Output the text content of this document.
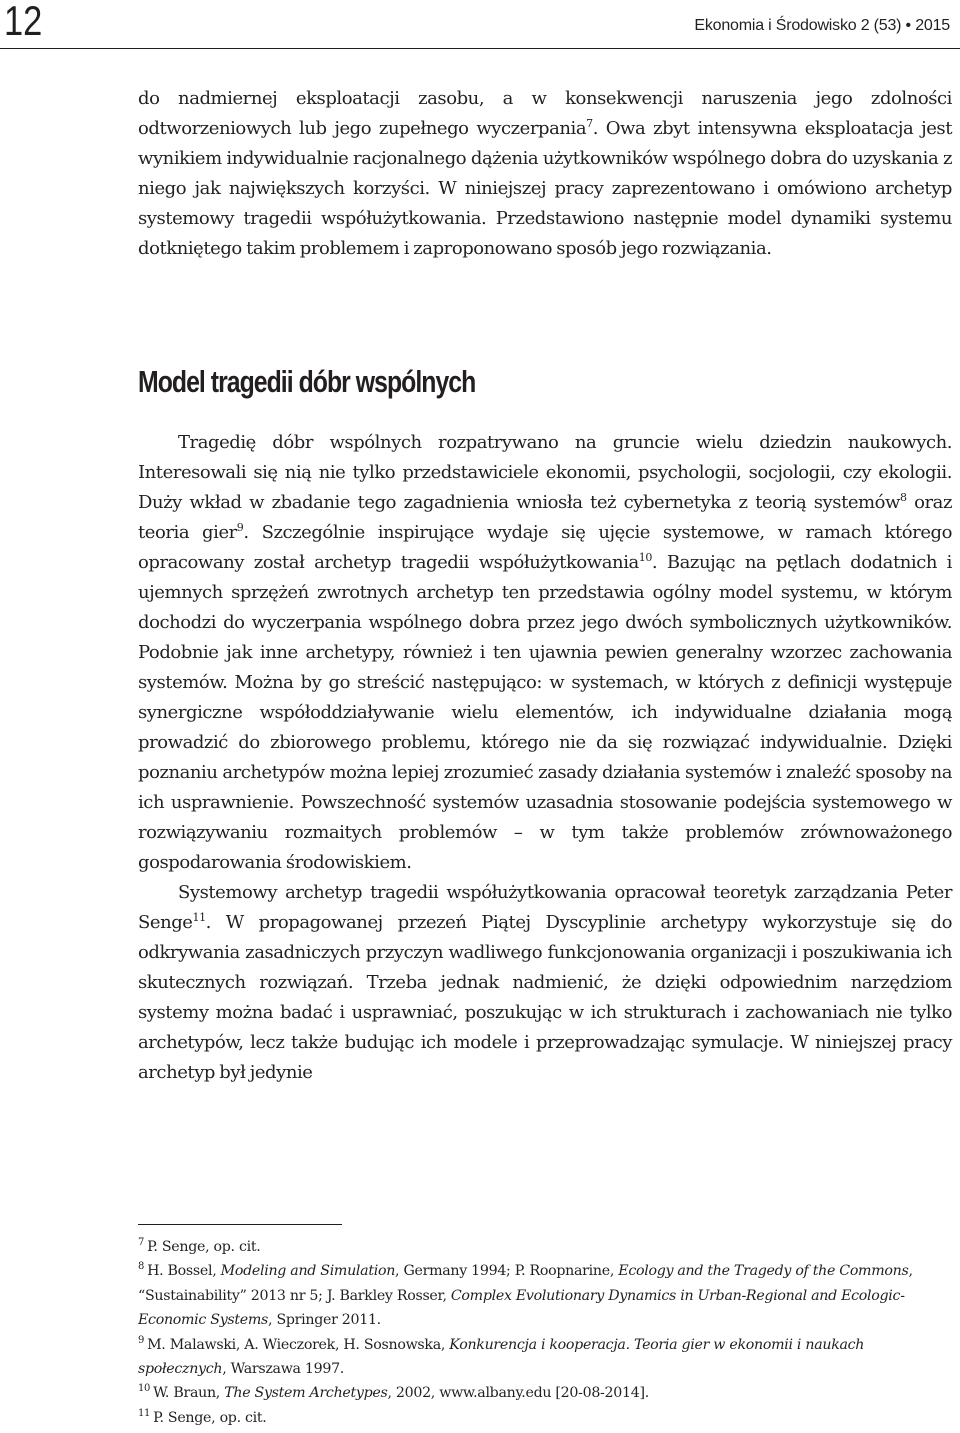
12	Ekonomia i Środowisko 2 (53) • 2015

do nadmiernej eksploatacji zasobu, a w konsekwencji naruszenia jego zdolności odtworzeniowych lub jego zupełnego wyczerpania$^7$. Owa zbyt intensywna eksploatacja jest wynikiem indywidualnie racjonalnego dążenia użytkowników wspólnego dobra do uzyskania z niego jak największych korzyści. W niniejszej pracy zaprezentowano i omówiono archetyp systemowy tragedii współużytkowania. Przedstawiono następnie model dynamiki systemu dotkniętego takim problemem i zaproponowano sposób jego rozwiązania.

Model tragedii dóbr wspólnych

Tragedię dóbr wspólnych rozpatrywano na gruncie wielu dziedzin naukowych. Interesowali się nią nie tylko przedstawiciele ekonomii, psychologii, socjologii, czy ekologii. Duży wkład w zbadanie tego zagadnienia wniosła też cybernetyka z teorią systemów$^8$ oraz teoria gier$^9$. Szczególnie inspirujące wydaje się ujęcie systemowe, w ramach którego opracowany został archetyp tragedii współużytkowania$^{10}$. Bazując na pętlach dodatnich i ujemnych sprzężeń zwrotnych archetyp ten przedstawia ogólny model systemu, w którym dochodzi do wyczerpania wspólnego dobra przez jego dwóch symbolicznych użytkowników. Podobnie jak inne archetypy, również i ten ujawnia pewien generalny wzorzec zachowania systemów. Można by go streścić następująco: w systemach, w których z definicji występuje synergiczne współoddziaływanie wielu elementów, ich indywidualne działania mogą prowadzić do zbiorowego problemu, którego nie da się rozwiązać indywidualnie. Dzięki poznaniu archetypów można lepiej zrozumieć zasady działania systemów i znaleźć sposoby na ich usprawnienie. Powszechność systemów uzasadnia stosowanie podejścia systemowego w rozwiązywaniu rozmaitych problemów – w tym także problemów zrównoważonego gospodarowania środowiskiem.

Systemowy archetyp tragedii współużytkowania opracował teoretyk zarządzania Peter Senge$^{11}$. W propagowanej przezeń Piątej Dyscyplinie archetypy wykorzystuje się do odkrywania zasadniczych przyczyn wadliwego funkcjonowania organizacji i poszukiwania ich skutecznych rozwiązań. Trzeba jednak nadmienić, że dzięki odpowiednim narzędziom systemy można badać i usprawniać, poszukując w ich strukturach i zachowaniach nie tylko archetypów, lecz także budując ich modele i przeprowadzając symulacje. W niniejszej pracy archetyp był jedynie

$^7$ P. Senge, op. cit.

$^8$ H. Bossel, Modeling and Simulation, Germany 1994; P. Roopnarine, Ecology and the Tragedy of the Commons, “Sustainability” 2013 nr 5; J. Barkley Rosser, Complex Evolutionary Dynamics in Urban-Regional and Ecologic-Economic Systems, Springer 2011.

$^9$ M. Malawski, A. Wieczorek, H. Sosnowska, Konkurencja i kooperacja. Teoria gier w ekonomii i naukach społecznych, Warszawa 1997.

$^{10}$ W. Braun, The System Archetypes, 2002, www.albany.edu [20-08-2014].

$^{11}$ P. Senge, op. cit.
